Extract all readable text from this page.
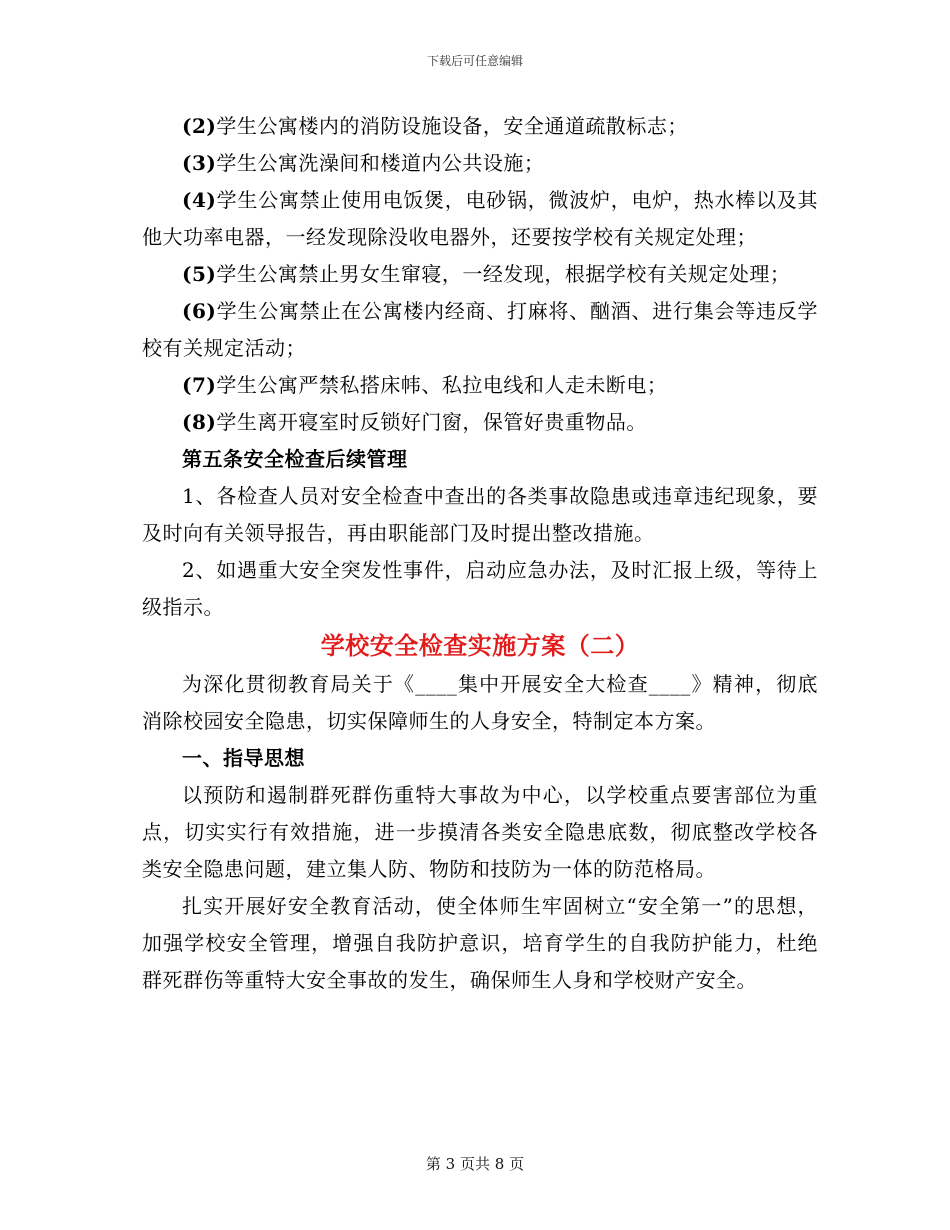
下载后可任意编辑

(2)学生公寓楼内的消防设施设备，安全通道疏散标志；

(3)学生公寓洗澡间和楼道内公共设施；

(4)学生公寓禁止使用电饭煲，电砂锅，微波炉，电炉，热水棒以及其他大功率电器，一经发现除没收电器外，还要按学校有关规定处理；

(5)学生公寓禁止男女生窜寝，一经发现，根据学校有关规定处理；

(6)学生公寓禁止在公寓楼内经商、打麻将、酗酒、进行集会等违反学校有关规定活动；

(7)学生公寓严禁私搭床帏、私拉电线和人走未断电；

(8)学生离开寝室时反锁好门窗，保管好贵重物品。

第五条安全检查后续管理

1、各检查人员对安全检查中查出的各类事故隐患或违章违纪现象，要及时向有关领导报告，再由职能部门及时提出整改措施。

2、如遇重大安全突发性事件，启动应急办法，及时汇报上级，等待上级指示。

学校安全检查实施方案（二）

为深化贯彻教育局关于《____集中开展安全大检查____》精神，彻底消除校园安全隐患，切实保障师生的人身安全，特制定本方案。

一、指导思想

以预防和遏制群死群伤重特大事故为中心，以学校重点要害部位为重点，切实实行有效措施，进一步摸清各类安全隐患底数，彻底整改学校各类安全隐患问题，建立集人防、物防和技防为一体的防范格局。

扎实开展好安全教育活动，使全体师生牢固树立“安全第一”的思想，加强学校安全管理，增强自我防护意识，培育学生的自我防护能力，杜绝群死群伤等重特大安全事故的发生，确保师生人身和学校财产安全。

第 3 页共 8 页
